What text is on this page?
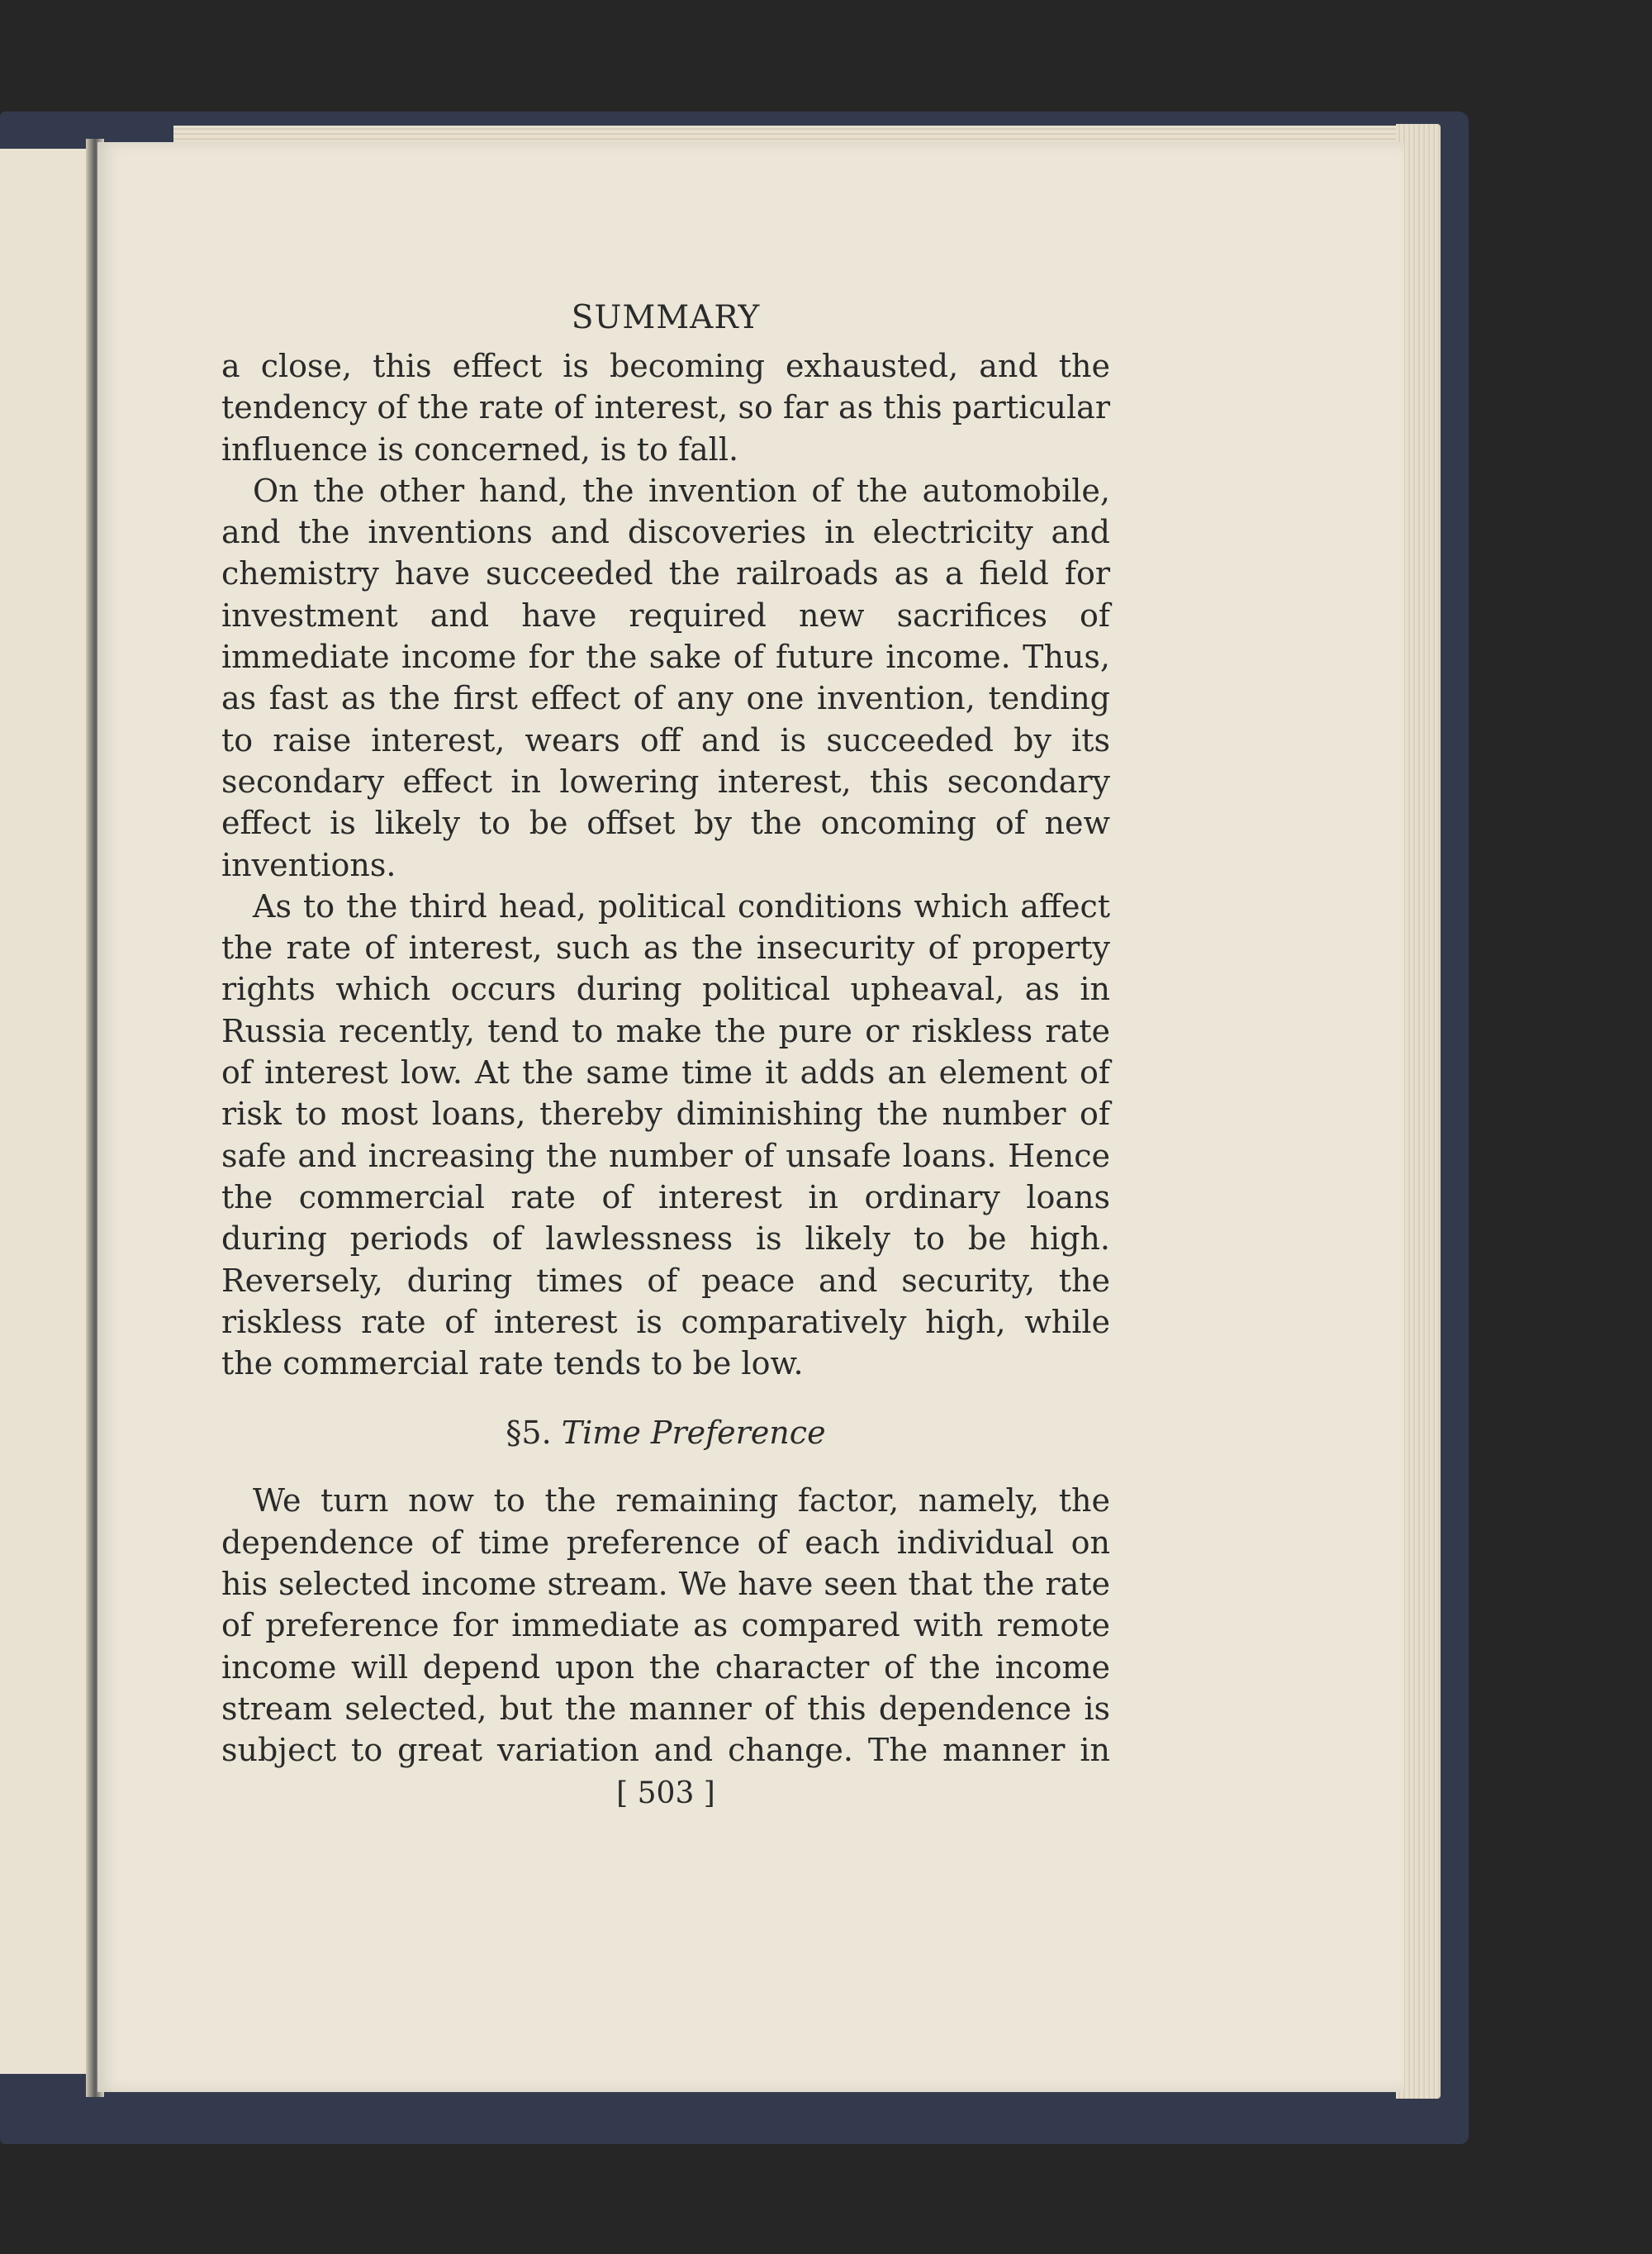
SUMMARY

a close, this effect is becoming exhausted, and the tendency of the rate of interest, so far as this particular influence is concerned, is to fall.

On the other hand, the invention of the automobile, and the inventions and discoveries in electricity and chemistry have succeeded the railroads as a field for investment and have required new sacrifices of immediate income for the sake of future income. Thus, as fast as the first effect of any one invention, tending to raise interest, wears off and is succeeded by its secondary effect in lowering interest, this secondary effect is likely to be offset by the oncoming of new inventions.

As to the third head, political conditions which affect the rate of interest, such as the insecurity of property rights which occurs during political upheaval, as in Russia recently, tend to make the pure or riskless rate of interest low. At the same time it adds an element of risk to most loans, thereby diminishing the number of safe and increasing the number of unsafe loans. Hence the commercial rate of interest in ordinary loans during periods of lawlessness is likely to be high. Reversely, during times of peace and security, the riskless rate of interest is comparatively high, while the commercial rate tends to be low.

§5. Time Preference

We turn now to the remaining factor, namely, the dependence of time preference of each individual on his selected income stream. We have seen that the rate of preference for immediate as compared with remote income will depend upon the character of the income stream selected, but the manner of this dependence is subject to great variation and change. The manner in

[ 503 ]
